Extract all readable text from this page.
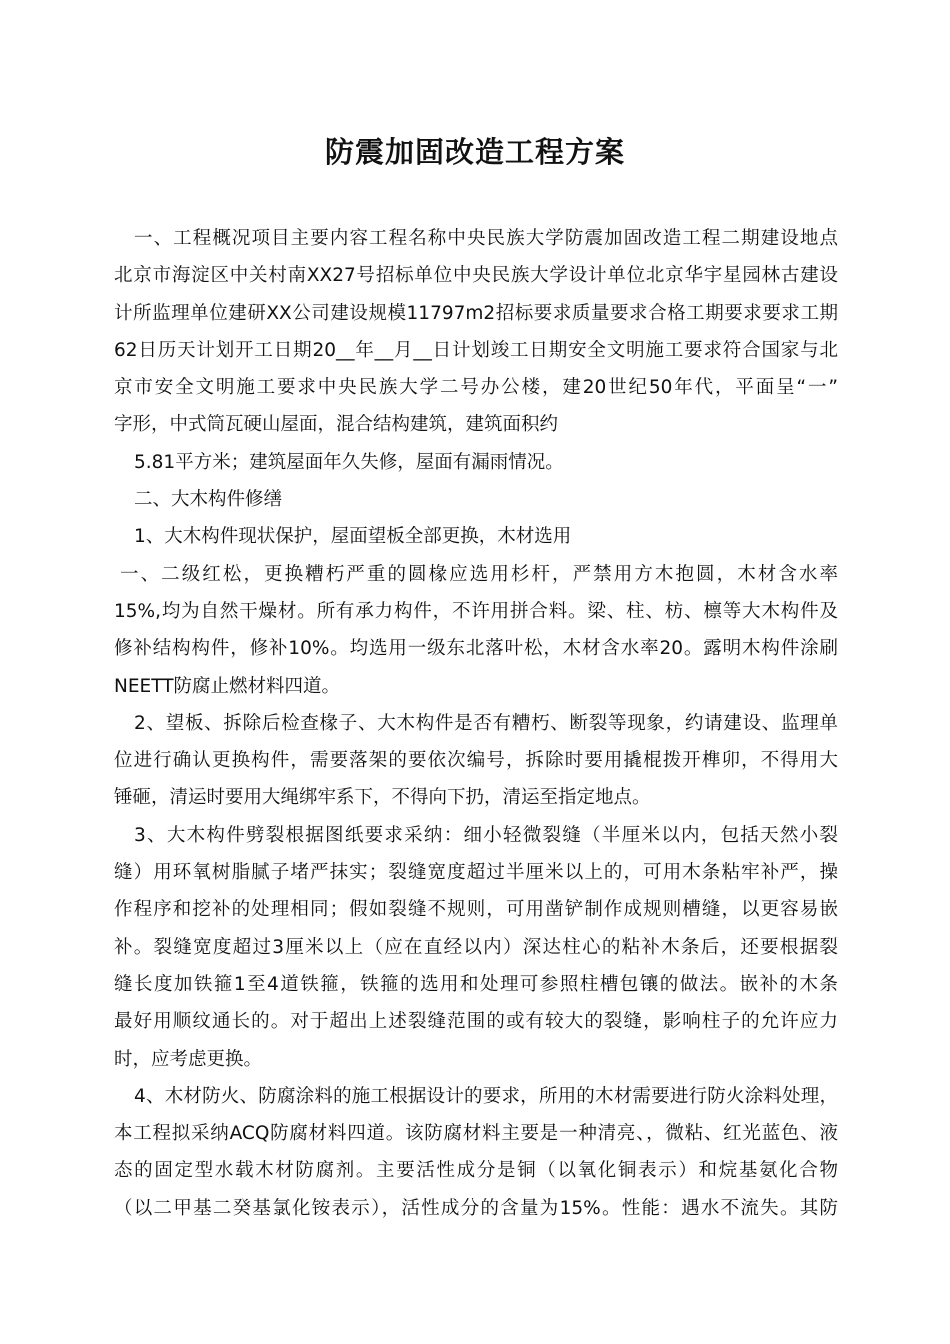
防震加固改造工程方案
一、工程概况项目主要内容工程名称中央民族大学防震加固改造工程二期建设地点
北京市海淀区中关村南XX27号招标单位中央民族大学设计单位北京华宇星园林古建设
计所监理单位建研XX公司建设规模11797m2招标要求质量要求合格工期要求要求工期
62日历天计划开工日期20__年__月__日计划竣工日期安全文明施工要求符合国家与北
京市安全文明施工要求中央民族大学二号办公楼，建20世纪50年代，平面呈“一”
字形，中式筒瓦硬山屋面，混合结构建筑，建筑面积约
5.81平方米；建筑屋面年久失修，屋面有漏雨情况。
二、大木构件修缮
1、大木构件现状保护，屋面望板全部更换，木材选用
一、二级红松，更换糟朽严重的圆椽应选用杉杆，严禁用方木抱圆，木材含水率
15%,均为自然干燥材。所有承力构件，不许用拼合料。梁、柱、枋、檩等大木构件及
修补结构构件，修补10%。均选用一级东北落叶松，木材含水率20。露明木构件涂刷
NEETT防腐止燃材料四道。
2、望板、拆除后检查椽子、大木构件是否有糟朽、断裂等现象，约请建设、监理单
位进行确认更换构件，需要落架的要依次编号，拆除时要用撬棍拨开榫卯，不得用大
锤砸，清运时要用大绳绑牢系下，不得向下扔，清运至指定地点。
3、大木构件劈裂根据图纸要求采纳：细小轻微裂缝（半厘米以内，包括天然小裂
缝）用环氧树脂腻子堵严抹实；裂缝宽度超过半厘米以上的，可用木条粘牢补严，操
作程序和挖补的处理相同；假如裂缝不规则，可用凿铲制作成规则槽缝，以更容易嵌
补。裂缝宽度超过3厘米以上（应在直经以内）深达柱心的粘补木条后，还要根据裂
缝长度加铁箍1至4道铁箍，铁箍的选用和处理可参照柱槽包镶的做法。嵌补的木条
最好用顺纹通长的。对于超出上述裂缝范围的或有较大的裂缝，影响柱子的允许应力
时，应考虑更换。
4、木材防火、防腐涂料的施工根据设计的要求，所用的木材需要进行防火涂料处理，
本工程拟采纳ACQ防腐材料四道。该防腐材料主要是一种清亮、，微粘、红光蓝色、液
态的固定型水载木材防腐剂。主要活性成分是铜（以氧化铜表示）和烷基氨化合物
（以二甲基二癸基氯化铵表示），活性成分的含量为15%。性能：遇水不流失。其防
